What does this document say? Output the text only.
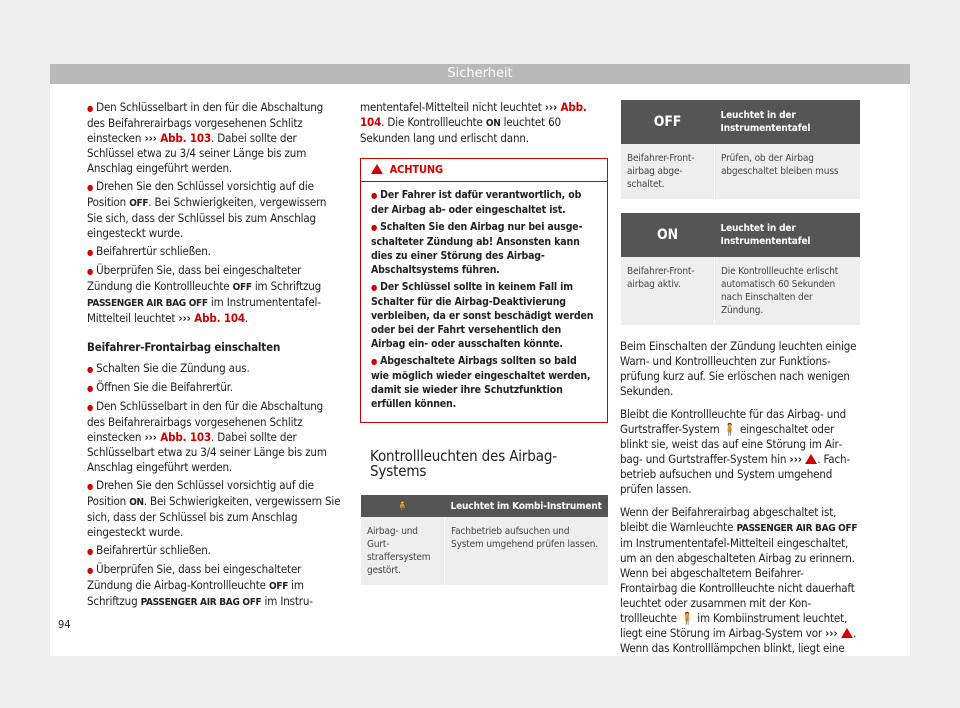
Sicherheit
● Den Schlüsselbart in den für die Abschaltung des Beifahrerairbags vorgesehenen Schlitz einstecken ››› Abb. 103. Dabei sollte der Schlüssel etwa zu 3/4 seiner Länge bis zum Anschlag eingeführt werden.
● Drehen Sie den Schlüssel vorsichtig auf die Position OFF. Bei Schwierigkeiten, vergewissern Sie sich, dass der Schlüssel bis zum Anschlag eingesteckt wurde.
● Beifahrertür schließen.
● Überprüfen Sie, dass bei eingeschalteter Zündung die Kontrollleuchte OFF im Schriftzug PASSENGER AIR BAG OFF im Instrumententafel-Mittelteil leuchtet ››› Abb. 104.
Beifahrer-Frontairbag einschalten
● Schalten Sie die Zündung aus.
● Öffnen Sie die Beifahrertür.
● Den Schlüsselbart in den für die Abschaltung des Beifahrerairbags vorgesehenen Schlitz einstecken ››› Abb. 103. Dabei sollte der Schlüsselbart etwa zu 3/4 seiner Länge bis zum Anschlag eingeführt werden.
● Drehen Sie den Schlüssel vorsichtig auf die Position ON. Bei Schwierigkeiten, vergewissern Sie sich, dass der Schlüssel bis zum Anschlag eingesteckt wurde.
● Beifahrertür schließen.
● Überprüfen Sie, dass bei eingeschalteter Zündung die Airbag-Kontrollleuchte OFF im Schriftzug PASSENGER AIR BAG OFF im Instru-
mententafel-Mittelteil nicht leuchtet ››› Abb. 104. Die Kontrollleuchte ON leuchtet 60 Sekunden lang und erlischt dann.
ACHTUNG

● Der Fahrer ist dafür verantwortlich, ob der Airbag ab- oder eingeschaltet ist.

● Schalten Sie den Airbag nur bei ausgeschalteter Zündung ab! Ansonsten kann dies zu einer Störung des Airbag-Abschaltsystems führen.

● Der Schlüssel sollte in keinem Fall im Schalter für die Airbag-Deaktivierung verbleiben, da er sonst beschädigt werden oder bei der Fahrt versehentlich den Airbag ein- oder ausschalten könnte.

● Abgeschaltete Airbags sollten so bald wie möglich wieder eingeschaltet werden, damit sie wieder ihre Schutzfunktion erfüllen können.

Kontrollleuchten des Airbag-Systems
🧍	Leuchtet im Kombi-Instrument
Airbag- und Gurtstraffersystem gestört.	Fachbetrieb aufsuchen und System umgehend prüfen lassen.
OFF	Leuchtet in der Instrumententafel
Beifahrer-Frontairbag abgeschaltet.	Prüfen, ob der Airbag abgeschaltet bleiben muss
ON	Leuchtet in der Instrumententafel
Beifahrer-Frontairbag aktiv.	Die Kontrollleuchte erlischt automatisch 60 Sekunden nach Einschalten der Zündung.

Beim Einschalten der Zündung leuchten einige Warn- und Kontrollleuchten zur Funktionsprüfung kurz auf. Sie erlöschen nach wenigen Sekunden.

Bleibt die Kontrollleuchte für das Airbag- und Gurtstraffer-System 🧍 eingeschaltet oder blinkt sie, weist das auf eine Störung im Airbag- und Gurtstraffer-System hin ››› . Fachbetrieb aufsuchen und System umgehend prüfen lassen.

Wenn der Beifahrerairbag abgeschaltet ist, bleibt die Warnleuchte PASSENGER AIR BAG OFF im Instrumententafel-Mittelteil eingeschaltet, um an den abgeschalteten Airbag zu erinnern. Wenn bei abgeschaltetem Beifahrer-Frontairbag die Kontrollleuchte nicht dauerhaft leuchtet oder zusammen mit der Kontrollleuchte 🧍 im Kombiinstrument leuchtet, liegt eine Störung im Airbag-System vor ››› . Wenn das Kontrolllämpchen blinkt, liegt eine

94
